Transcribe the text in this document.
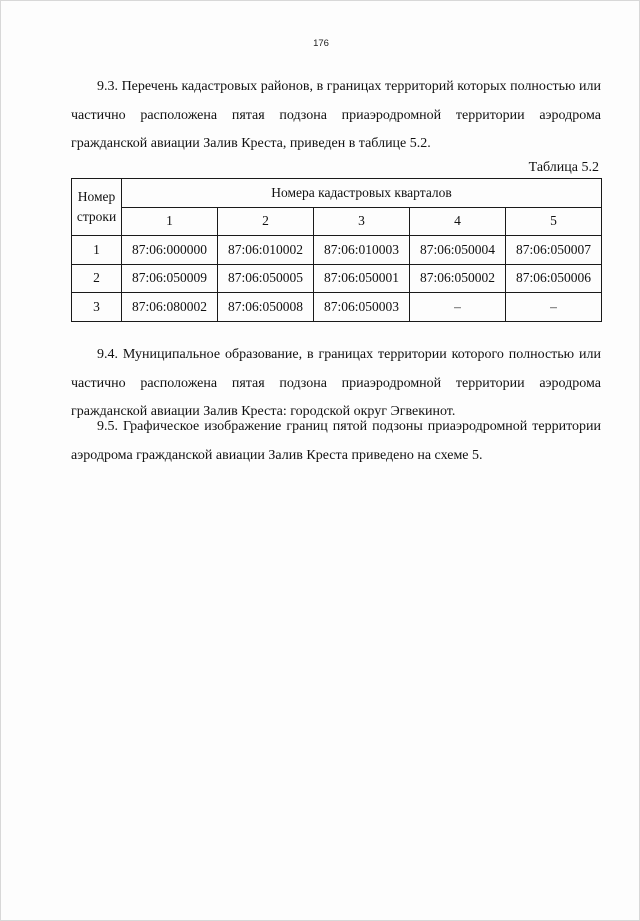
176

9.3. Перечень кадастровых районов, в границах территорий которых полностью или частично расположена пятая подзона приаэродромной территории аэродрома гражданской авиации Залив Креста, приведен в таблице 5.2.

Таблица 5.2
Номер
строки	Номера кадастровых кварталов				
	1	2	3	4	5
1	87:06:000000	87:06:010002	87:06:010003	87:06:050004	87:06:050007
2	87:06:050009	87:06:050005	87:06:050001	87:06:050002	87:06:050006
3	87:06:080002	87:06:050008	87:06:050003	–	–

9.4. Муниципальное образование, в границах территории которого полностью или частично расположена пятая подзона приаэродромной территории аэродрома гражданской авиации Залив Креста: городской округ Эгвекинот.

9.5. Графическое изображение границ пятой подзоны приаэродромной территории аэродрома гражданской авиации Залив Креста приведено на схеме 5.
